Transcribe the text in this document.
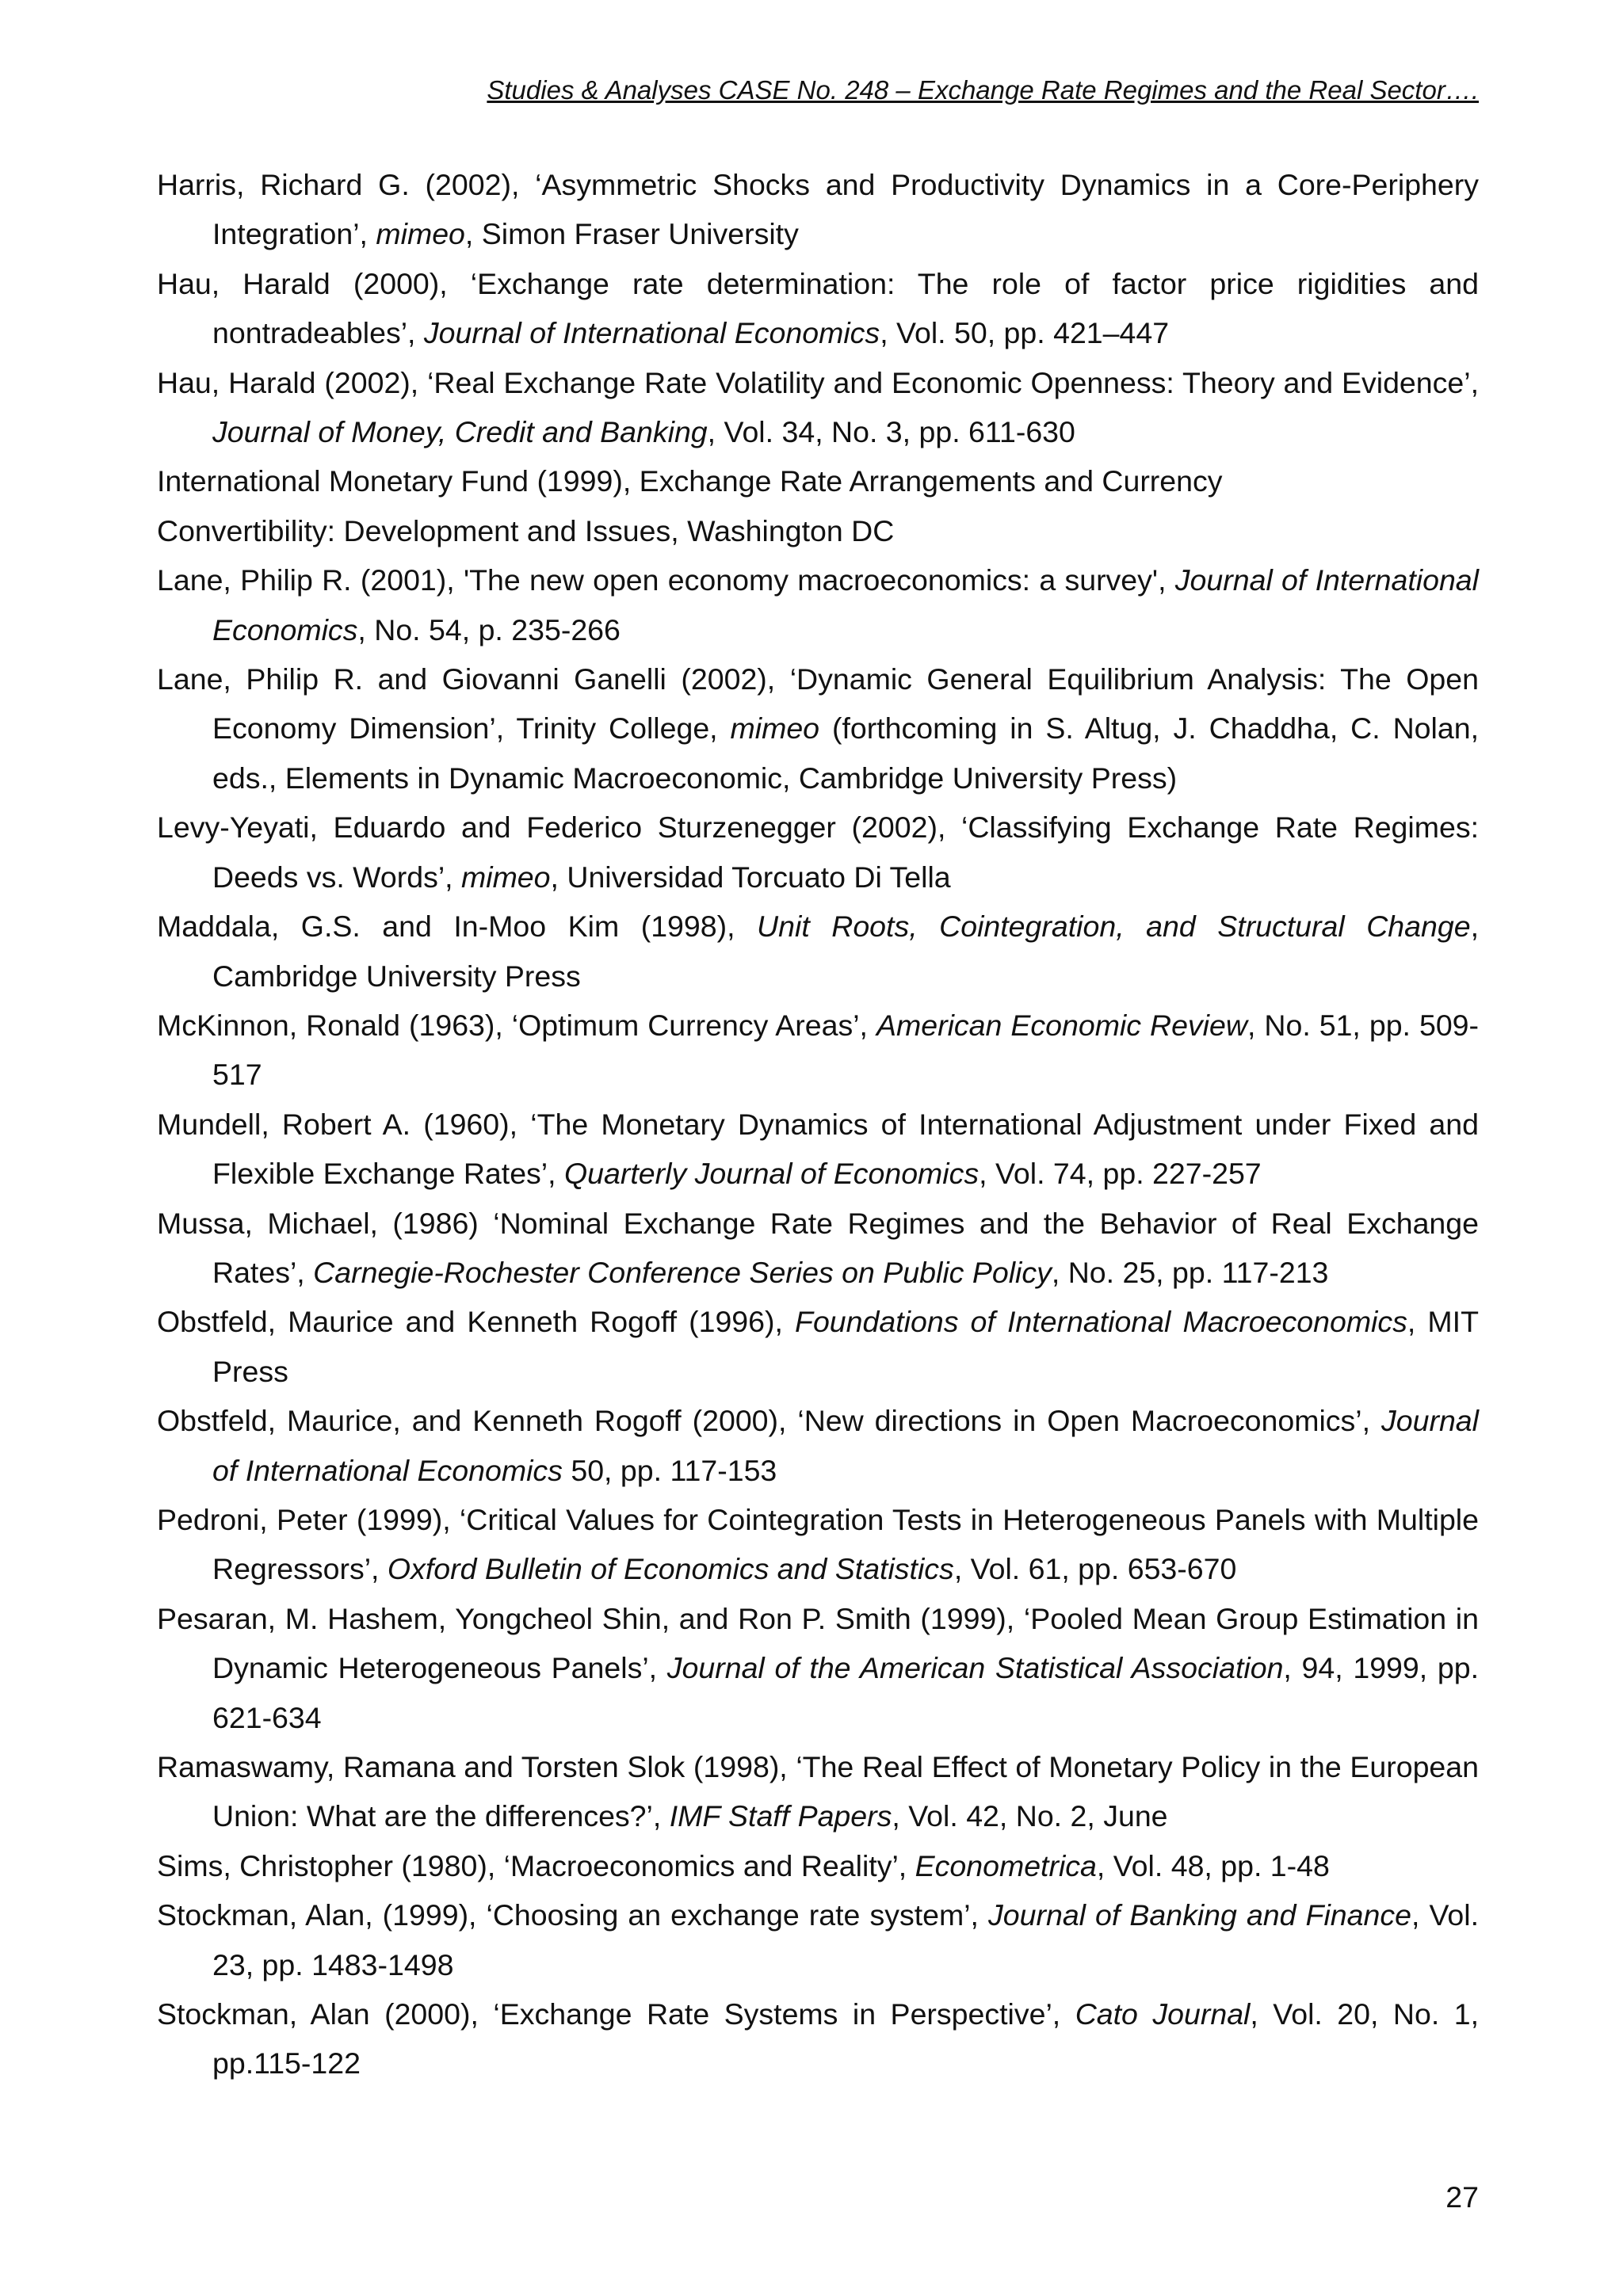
Studies & Analyses CASE No. 248 – Exchange Rate Regimes and the Real Sector….

Harris, Richard G. (2002), ‘Asymmetric Shocks and Productivity Dynamics in a Core-Periphery Integration’, mimeo, Simon Fraser University

Hau, Harald (2000), ‘Exchange rate determination: The role of factor price rigidities and nontradeables’, Journal of International Economics, Vol. 50, pp. 421–447

Hau, Harald (2002), ‘Real Exchange Rate Volatility and Economic Openness: Theory and Evidence’, Journal of Money, Credit and Banking, Vol. 34, No. 3, pp. 611-630

International Monetary Fund (1999), Exchange Rate Arrangements and Currency

Convertibility: Development and Issues, Washington DC

Lane, Philip R. (2001), 'The new open economy macroeconomics: a survey', Journal of International Economics, No. 54, p. 235-266

Lane, Philip R. and Giovanni Ganelli (2002), ‘Dynamic General Equilibrium Analysis: The Open Economy Dimension’, Trinity College, mimeo (forthcoming in S. Altug, J. Chaddha, C. Nolan, eds., Elements in Dynamic Macroeconomic, Cambridge University Press)

Levy-Yeyati, Eduardo and Federico Sturzenegger (2002), ‘Classifying Exchange Rate Regimes: Deeds vs. Words’, mimeo, Universidad Torcuato Di Tella

Maddala, G.S. and In-Moo Kim (1998), Unit Roots, Cointegration, and Structural Change, Cambridge University Press

McKinnon, Ronald (1963), ‘Optimum Currency Areas’, American Economic Review, No. 51, pp. 509-517

Mundell, Robert A. (1960), ‘The Monetary Dynamics of International Adjustment under Fixed and Flexible Exchange Rates’, Quarterly Journal of Economics, Vol. 74, pp. 227-257

Mussa, Michael, (1986) ‘Nominal Exchange Rate Regimes and the Behavior of Real Exchange Rates’, Carnegie-Rochester Conference Series on Public Policy, No. 25, pp. 117-213

Obstfeld, Maurice and Kenneth Rogoff (1996), Foundations of International Macroeconomics, MIT Press

Obstfeld, Maurice, and Kenneth Rogoff (2000), ‘New directions in Open Macroeconomics’, Journal of International Economics 50, pp. 117-153

Pedroni, Peter (1999), ‘Critical Values for Cointegration Tests in Heterogeneous Panels with Multiple Regressors’, Oxford Bulletin of Economics and Statistics, Vol. 61, pp. 653-670

Pesaran, M. Hashem, Yongcheol Shin, and Ron P. Smith (1999), ‘Pooled Mean Group Estimation in Dynamic Heterogeneous Panels’, Journal of the American Statistical Association, 94, 1999, pp. 621-634

Ramaswamy, Ramana and Torsten Slok (1998), ‘The Real Effect of Monetary Policy in the European Union: What are the differences?’, IMF Staff Papers, Vol. 42, No. 2, June

Sims, Christopher (1980), ‘Macroeconomics and Reality’, Econometrica, Vol. 48, pp. 1-48

Stockman, Alan, (1999), ‘Choosing an exchange rate system’, Journal of Banking and Finance, Vol. 23, pp. 1483-1498

Stockman, Alan (2000), ‘Exchange Rate Systems in Perspective’, Cato Journal, Vol. 20, No. 1, pp.115-122

27
